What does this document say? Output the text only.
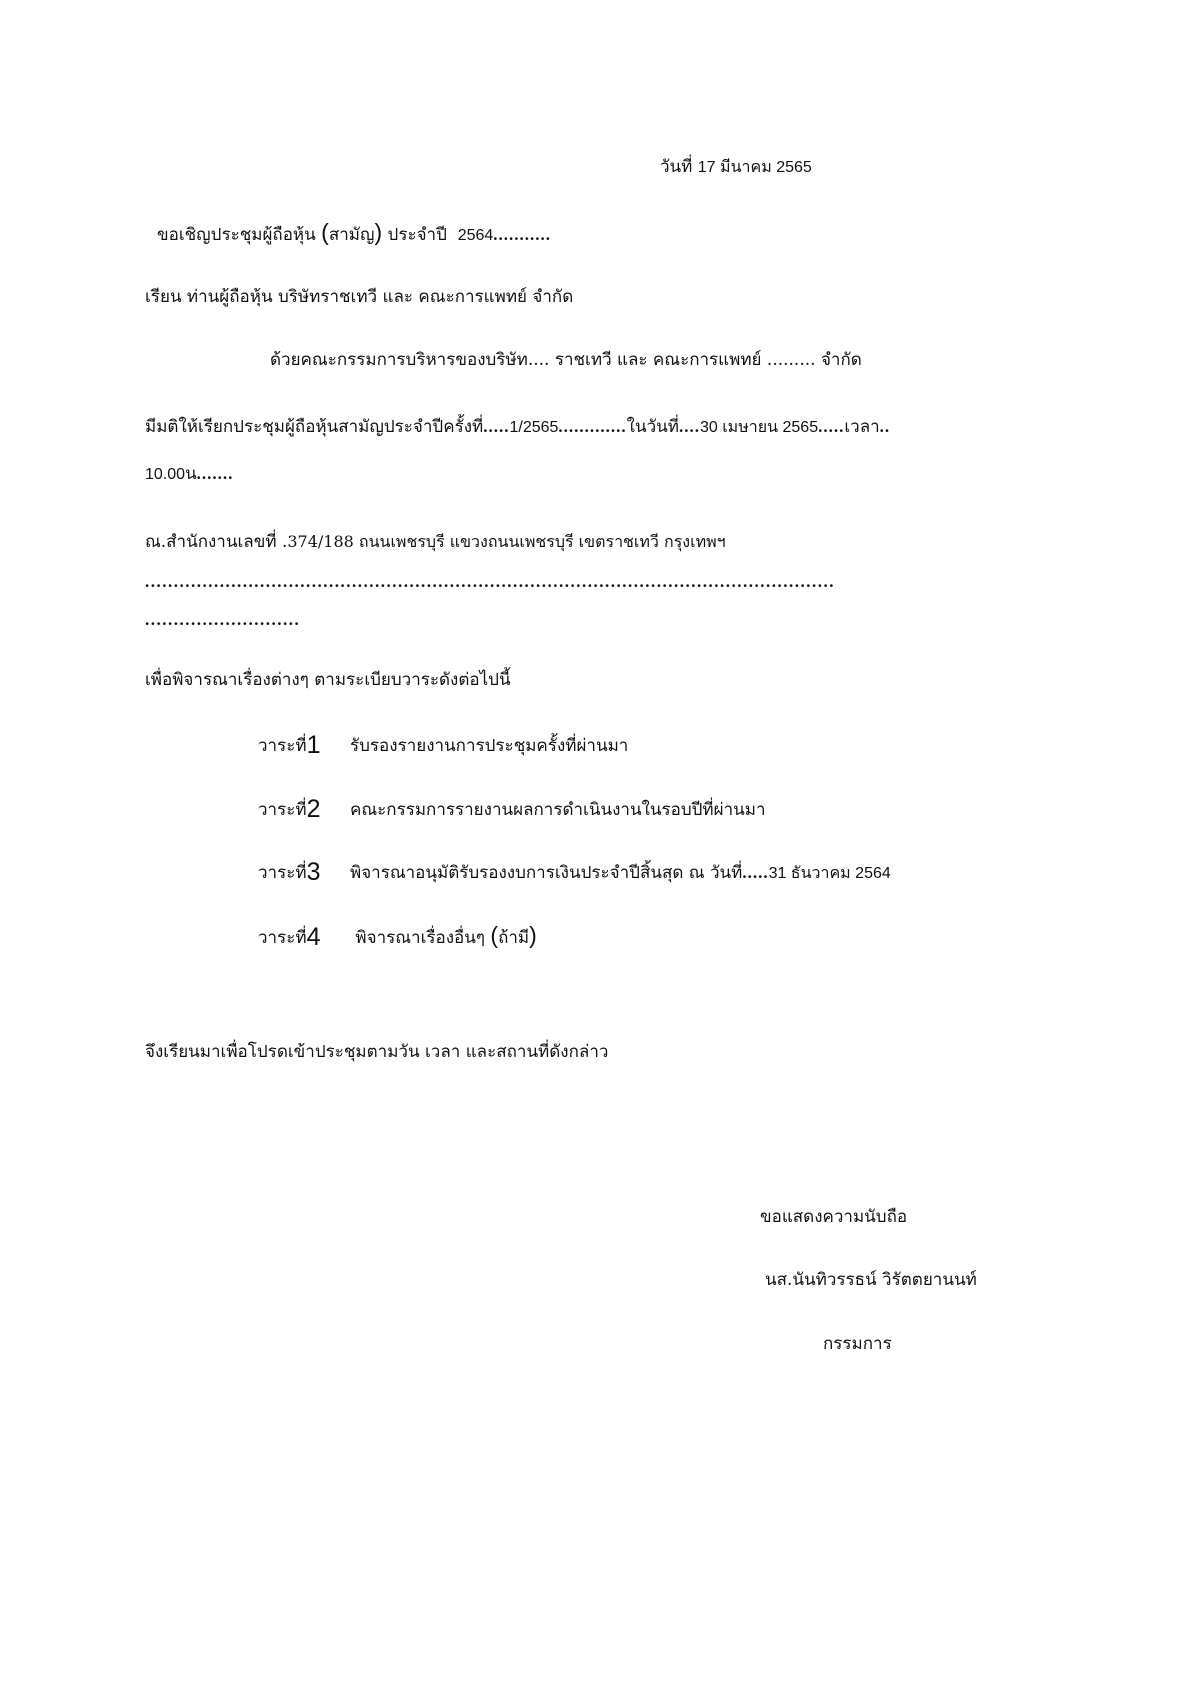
วันที่ 17 มีนาคม 2565
ขอเชิญประชุมผู้ถือหุ้น (สามัญ) ประจำปี  2564...........
เรียน ท่านผู้ถือหุ้น บริษัทราชเทวี และ คณะการแพทย์ จำกัด
ด้วยคณะกรรมการบริหารของบริษัท.... ราชเทวี และ คณะการแพทย์ ......... จำกัด
มีมติให้เรียกประชุมผู้ถือหุ้นสามัญประจำปีครั้งที่.....1/2565.............ในวันที่....30 เมษายน 2565.....เวลา..
10.00น.......
ณ.สำนักงานเลขที่ .374/188 ถนนเพชรบุรี แขวงถนนเพชรบุรี เขตราชเทวี กรุงเทพฯ
........................................................................................................................
...........................
เพื่อพิจารณาเรื่องต่างๆ ตามระเบียบวาระดังต่อไปนี้
วาระที่1 รับรองรายงานการประชุมครั้งที่ผ่านมา
วาระที่2 คณะกรรมการรายงานผลการดำเนินงานในรอบปีที่ผ่านมา
วาระที่3 พิจารณาอนุมัติรับรองงบการเงินประจำปีสิ้นสุด ณ วันที่.....31 ธันวาคม 2564
วาระที่4 พิจารณาเรื่องอื่นๆ (ถ้ามี)
จึงเรียนมาเพื่อโปรดเข้าประชุมตามวัน เวลา และสถานที่ดังกล่าว
ขอแสดงความนับถือ
นส.นันทิวรรธน์ วิรัตตยานนท์
กรรมการ
